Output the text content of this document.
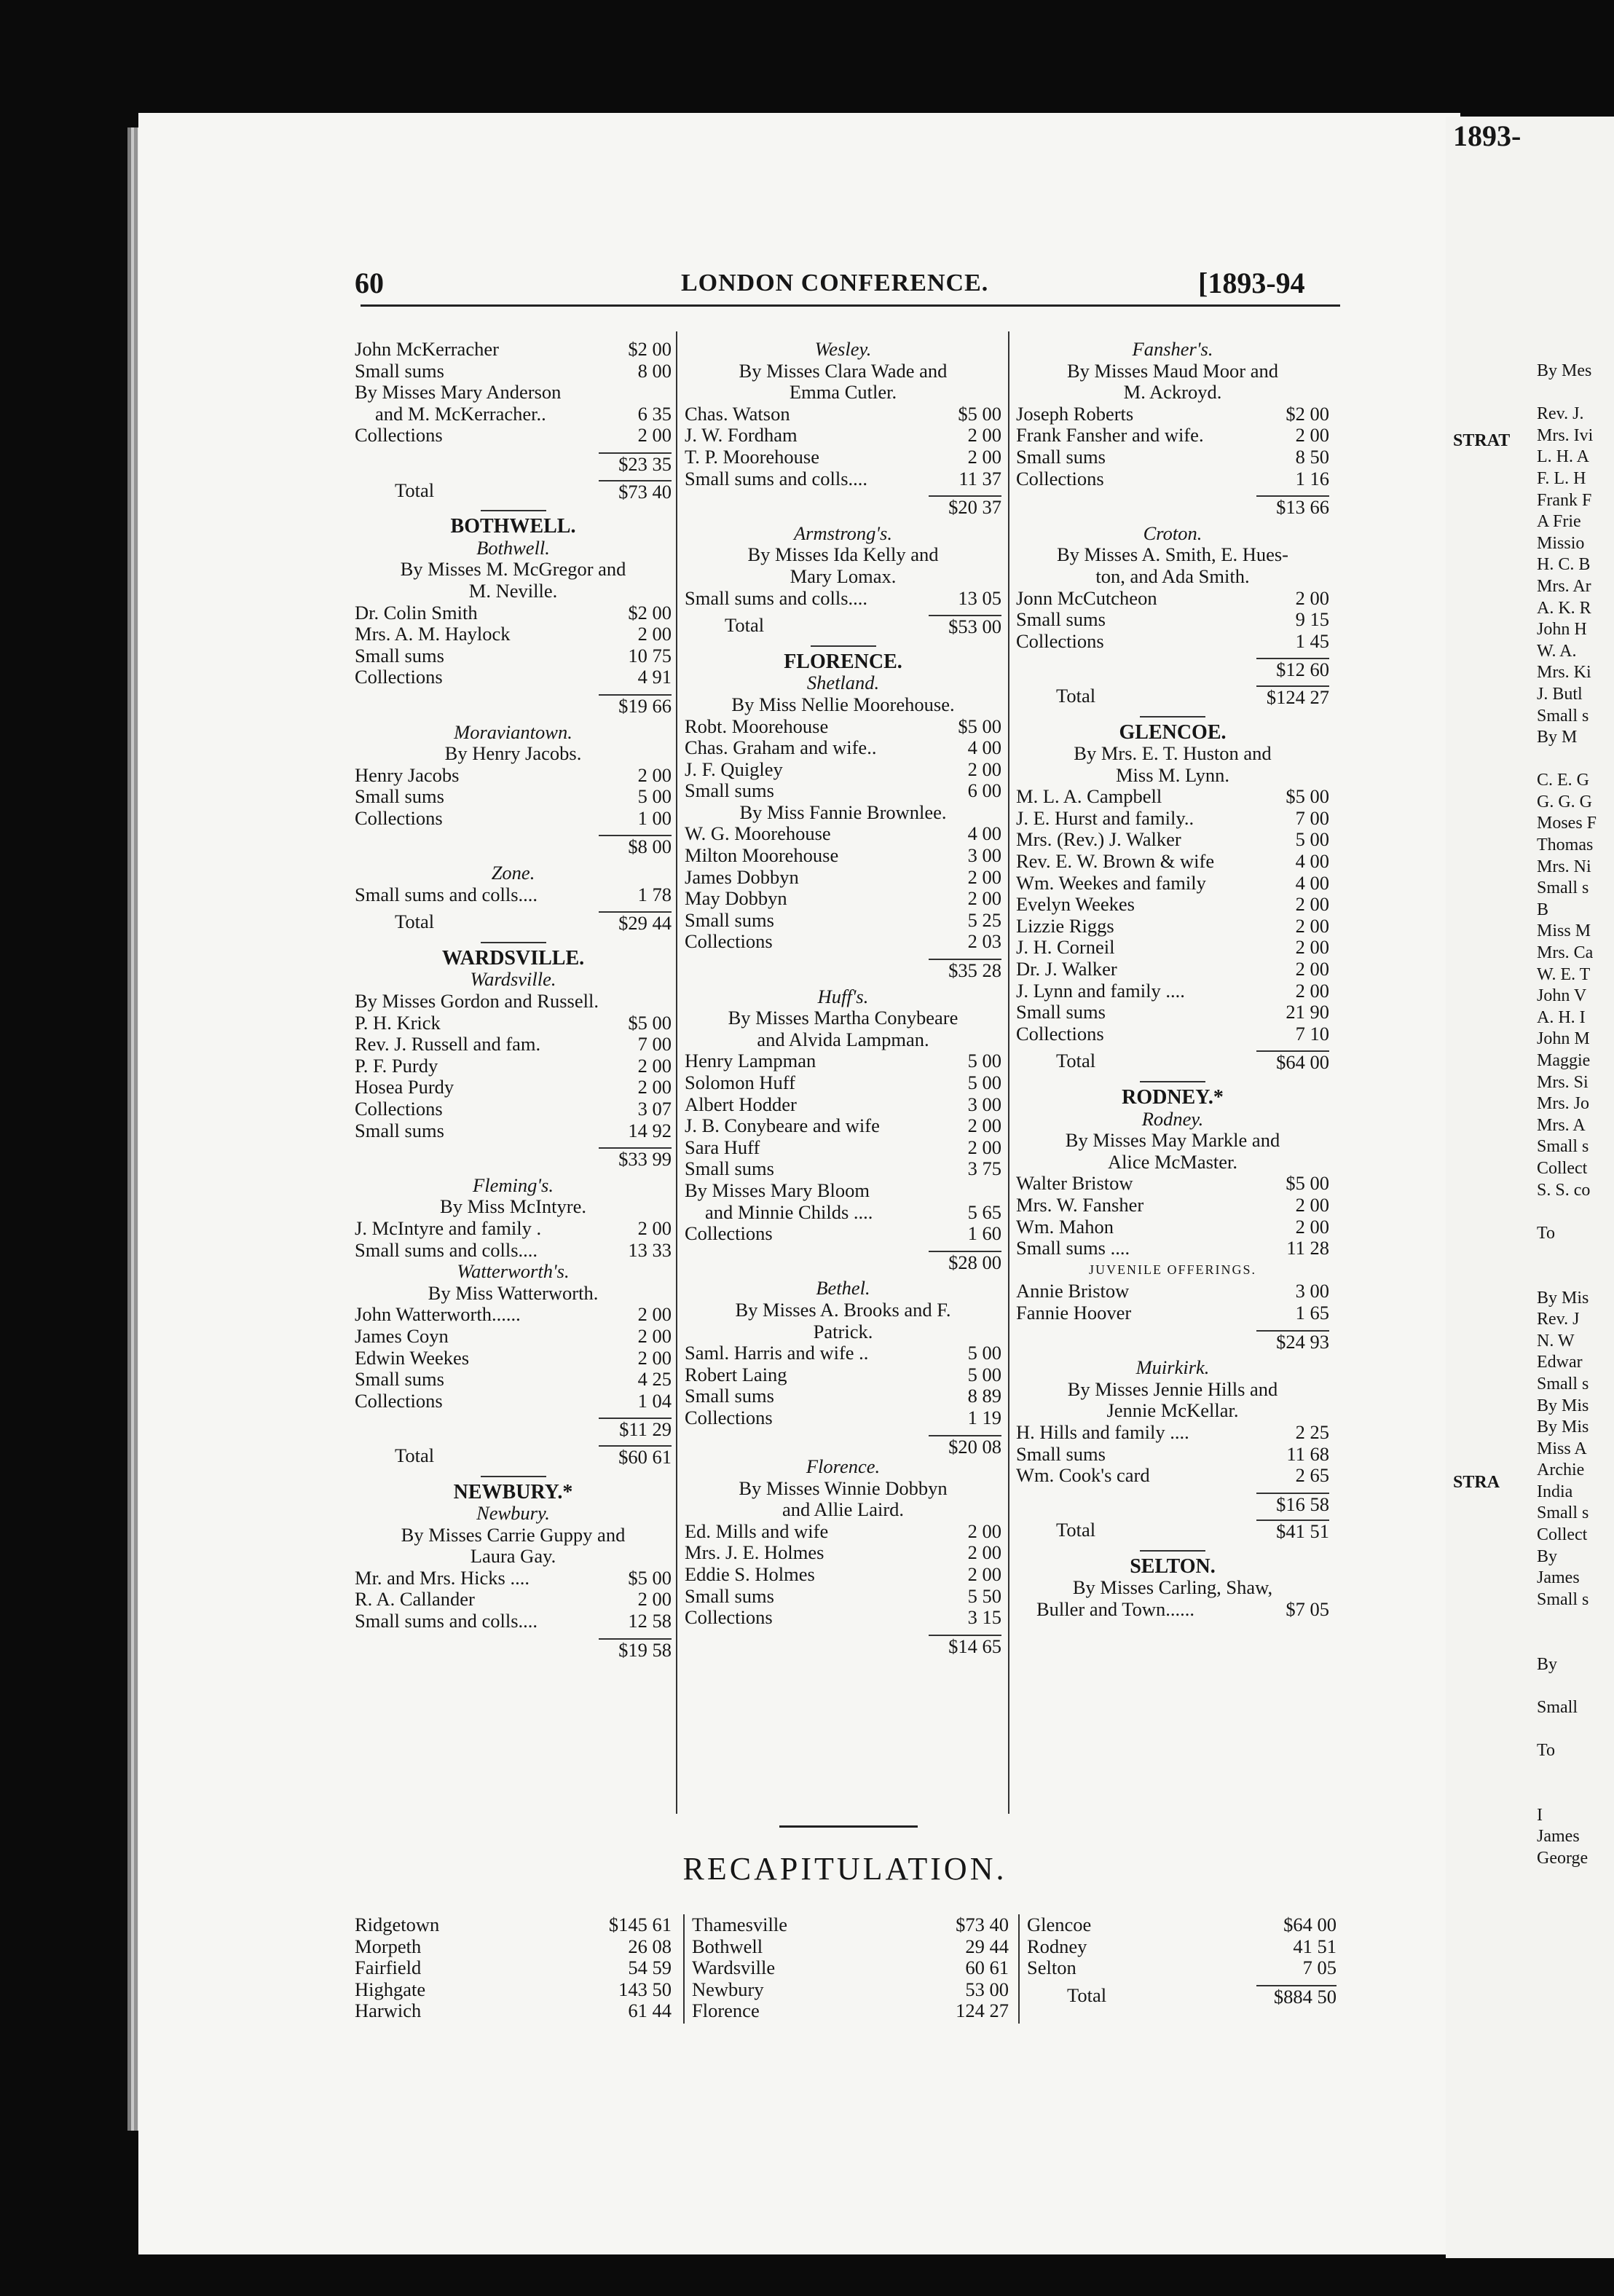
1893-
STRAT
STRA
By Mes
Rev. J.
Mrs. Ivi
L. H. A
F. L. H
Frank F
A Frie
Missio
H. C. B
Mrs. Ar
A. K. R
John H
W. A.
Mrs. Ki
J. Butl
Small s
By M
C. E. G
G. G. G
Moses F
Thomas
Mrs. Ni
Small s
B
Miss M
Mrs. Ca
W. E. T
John V
A. H. I
John M
Maggie
Mrs. Si
Mrs. Jo
Mrs. A
Small s
Collect
S. S. co
To
By Mis
Rev. J
N. W
Edwar
Small s
By Mis
By Mis
Miss A
Archie
India
Small s
Collect
By
James
Small s
By
Small
To
I
James
George
60	LONDON CONFERENCE.	[1893-94
John McKerracher	$2 00
Small sums	8 00
By Misses Mary Anderson
and M. McKerracher..	6 35
Collections	2 00
$23 35
Total	$73 40
BOTHWELL.
Bothwell.
By Misses M. McGregor and
M. Neville.
Dr. Colin Smith	$2 00
Mrs. A. M. Haylock	2 00
Small sums	10 75
Collections	4 91
$19 66
Moraviantown.
By Henry Jacobs.
Henry Jacobs	2 00
Small sums	5 00
Collections	1 00
$8 00
Zone.
Small sums and colls....	1 78
Total	$29 44
WARDSVILLE.
Wardsville.
By Misses Gordon and Russell.
P. H. Krick	$5 00
Rev. J. Russell and fam.	7 00
P. F. Purdy	2 00
Hosea Purdy	2 00
Collections	3 07
Small sums	14 92
$33 99
Fleming's.
By Miss McIntyre.
J. McIntyre and family .	2 00
Small sums and colls....	13 33
Watterworth's.
By Miss Watterworth.
John Watterworth......	2 00
James Coyn	2 00
Edwin Weekes	2 00
Small sums	4 25
Collections	1 04
$11 29
Total	$60 61
NEWBURY.*
Newbury.
By Misses Carrie Guppy and
Laura Gay.
Mr. and Mrs. Hicks ....	$5 00
R. A. Callander	2 00
Small sums and colls....	12 58
$19 58
Wesley.
By Misses Clara Wade and
Emma Cutler.
Chas. Watson	$5 00
J. W. Fordham	2 00
T. P. Moorehouse	2 00
Small sums and colls....	11 37
$20 37
Armstrong's.
By Misses Ida Kelly and
Mary Lomax.
Small sums and colls....	13 05
Total	$53 00
FLORENCE.
Shetland.
By Miss Nellie Moorehouse.
Robt. Moorehouse	$5 00
Chas. Graham and wife..	4 00
J. F. Quigley	2 00
Small sums	6 00
By Miss Fannie Brownlee.
W. G. Moorehouse	4 00
Milton Moorehouse	3 00
James Dobbyn	2 00
May Dobbyn	2 00
Small sums	5 25
Collections	2 03
$35 28
Huff's.
By Misses Martha Conybeare
and Alvida Lampman.
Henry Lampman	5 00
Solomon Huff	5 00
Albert Hodder	3 00
J. B. Conybeare and wife	2 00
Sara Huff	2 00
Small sums	3 75
By Misses Mary Bloom
and Minnie Childs ....	5 65
Collections	1 60
$28 00
Bethel.
By Misses A. Brooks and F.
Patrick.
Saml. Harris and wife ..	5 00
Robert Laing	5 00
Small sums	8 89
Collections	1 19
$20 08
Florence.
By Misses Winnie Dobbyn
and Allie Laird.
Ed. Mills and wife	2 00
Mrs. J. E. Holmes	2 00
Eddie S. Holmes	2 00
Small sums	5 50
Collections	3 15
$14 65
Fansher's.
By Misses Maud Moor and
M. Ackroyd.
Joseph Roberts	$2 00
Frank Fansher and wife.	2 00
Small sums	8 50
Collections	1 16
$13 66
Croton.
By Misses A. Smith, E. Hues-
ton, and Ada Smith.
Jonn McCutcheon	2 00
Small sums	9 15
Collections	1 45
$12 60
Total	$124 27
GLENCOE.
By Mrs. E. T. Huston and
Miss M. Lynn.
M. L. A. Campbell	$5 00
J. E. Hurst and family..	7 00
Mrs. (Rev.) J. Walker	5 00
Rev. E. W. Brown & wife	4 00
Wm. Weekes and family	4 00
Evelyn Weekes	2 00
Lizzie Riggs	2 00
J. H. Corneil	2 00
Dr. J. Walker	2 00
J. Lynn and family ....	2 00
Small sums	21 90
Collections	7 10
Total	$64 00
RODNEY.*
Rodney.
By Misses May Markle and
Alice McMaster.
Walter Bristow	$5 00
Mrs. W. Fansher	2 00
Wm. Mahon	2 00
Small sums ....	11 28
JUVENILE OFFERINGS.
Annie Bristow	3 00
Fannie Hoover	1 65
$24 93
Muirkirk.
By Misses Jennie Hills and
Jennie McKellar.
H. Hills and family ....	2 25
Small sums	11 68
Wm. Cook's card	2 65
$16 58
Total	$41 51
SELTON.
By Misses Carling, Shaw,
Buller and Town......	$7 05
RECAPITULATION.
Ridgetown	$145 61
Morpeth	26 08
Fairfield	54 59
Highgate	143 50
Harwich	61 44
Thamesville	$73 40
Bothwell	29 44
Wardsville	60 61
Newbury	53 00
Florence	124 27
Glencoe	$64 00
Rodney	41 51
Selton	7 05
Total	$884 50
